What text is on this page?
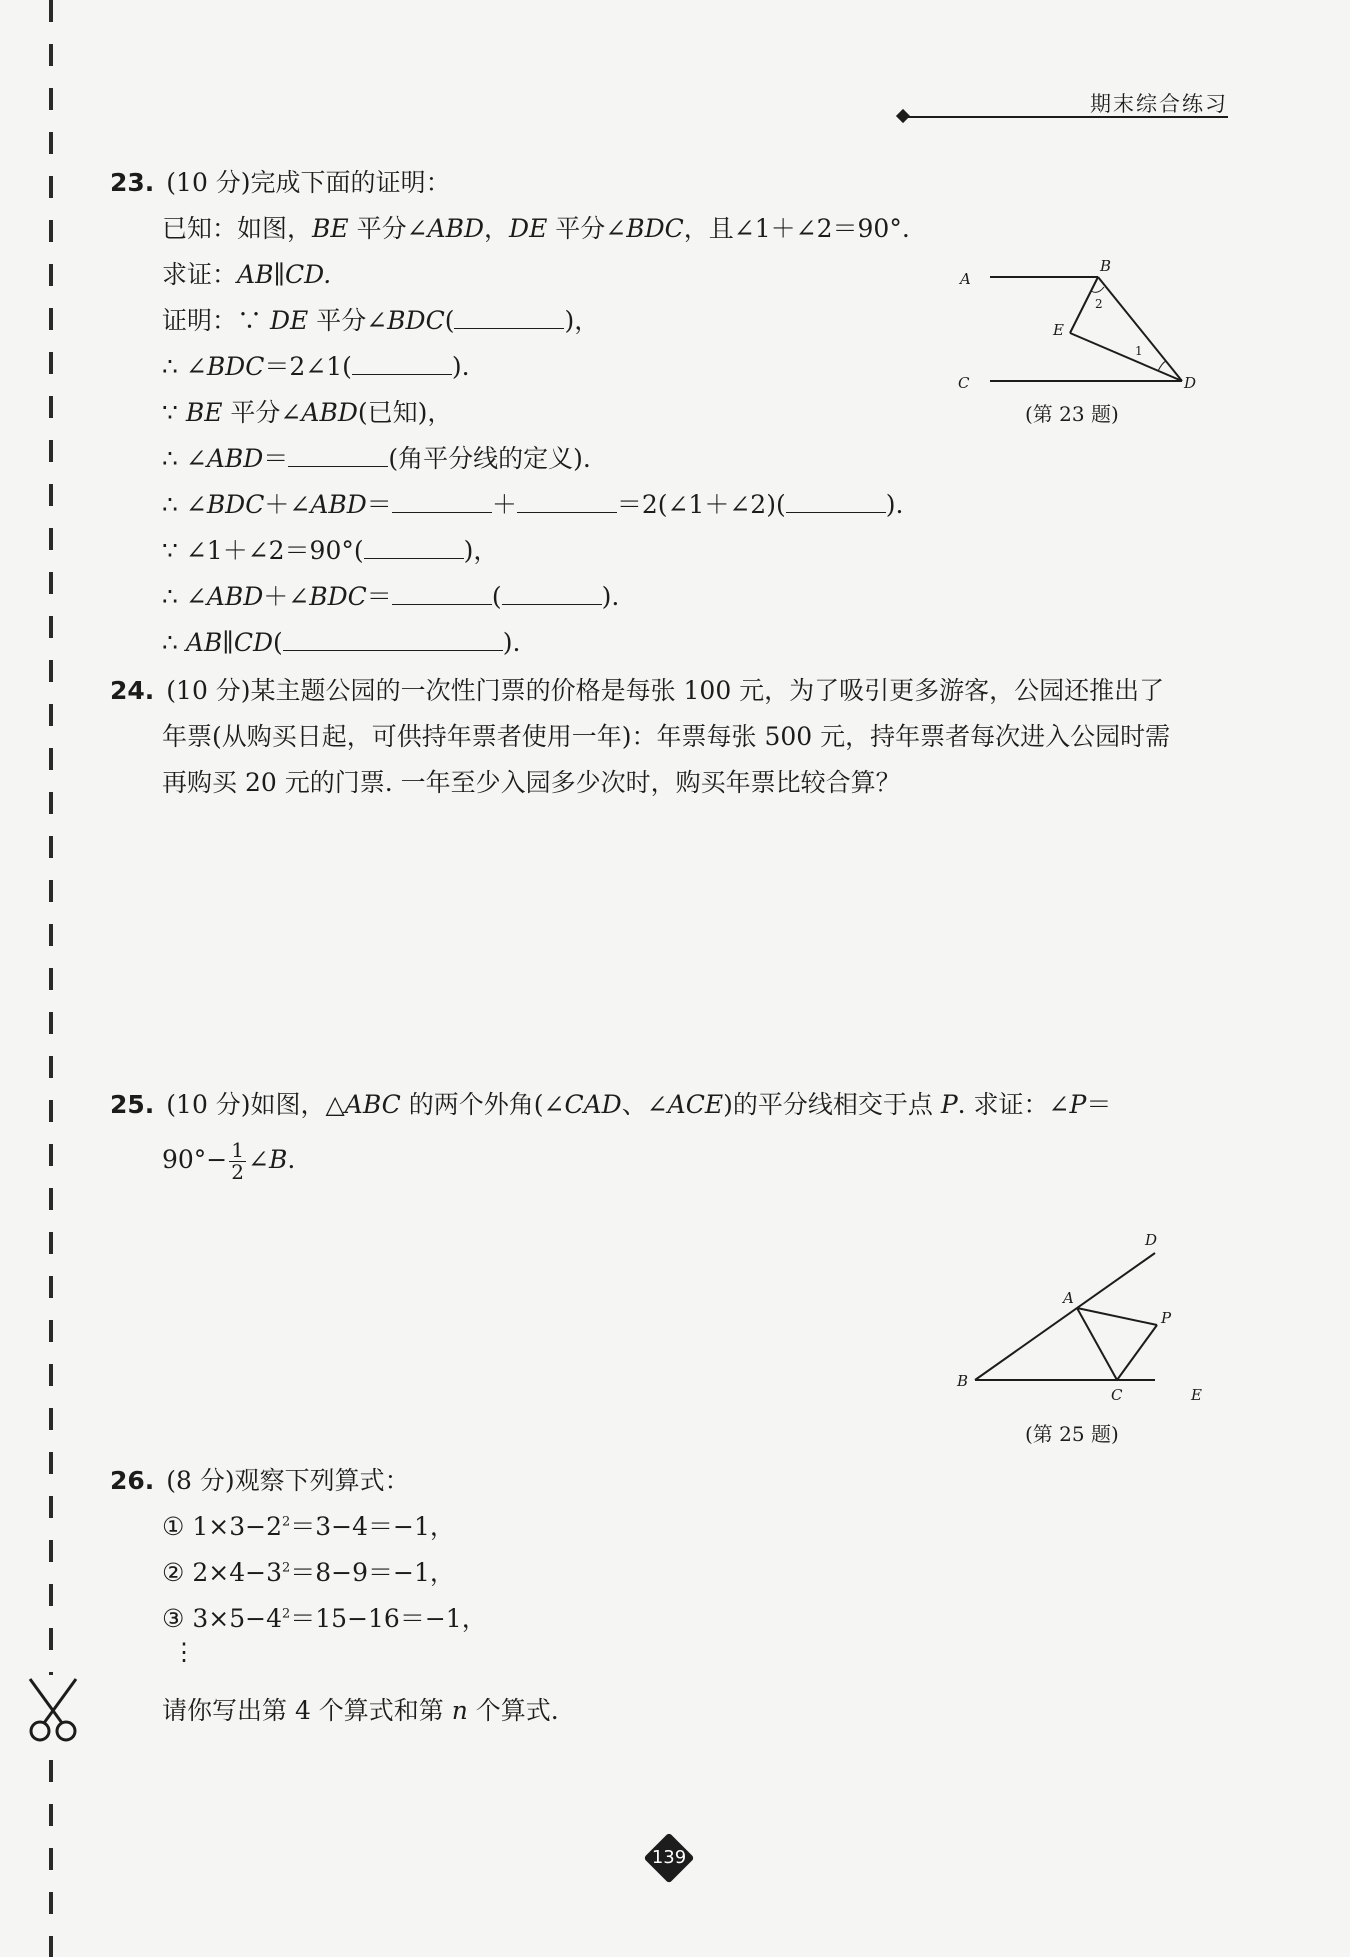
期末综合练习
23. (10 分)完成下面的证明：
已知：如图，BE 平分∠ABD，DE 平分∠BDC，且∠1＋∠2＝90°.
求证：AB∥CD.
证明：∵ DE 平分∠BDC(	)，
∴ ∠BDC＝2∠1(	).
∵ BE 平分∠ABD(已知)，
∴ ∠ABD＝	(角平分线的定义).
∴ ∠BDC＋∠ABD＝	＋	＝2(∠1＋∠2)(	).
∵ ∠1＋∠2＝90°(	)，
∴ ∠ABD＋∠BDC＝	(	).
∴ AB∥CD(	).
A
B
C	D
E
1
2
(第 23 题)
24. (10 分)某主题公园的一次性门票的价格是每张 100 元，为了吸引更多游客，公园还推出了
年票(从购买日起，可供持年票者使用一年)：年票每张 500 元，持年票者每次进入公园时需
再购买 20 元的门票. 一年至少入园多少次时，购买年票比较合算？
25. (10 分)如图，△ABC 的两个外角(∠CAD、∠ACE)的平分线相交于点 P. 求证：∠P＝
$90^\circ- \frac{1}{2}$ ∠B.
B
A
C
D
E
P
(第 25 题)
26. (8 分)观察下列算式：
① $1\times 3-2^2=3-4=-1$，
② $2\times 4-3^2=8-9=-1$，
③ $3\times 5-4^2=15-16=-1$，
⋮
请你写出第 4 个算式和第 n 个算式.
139
